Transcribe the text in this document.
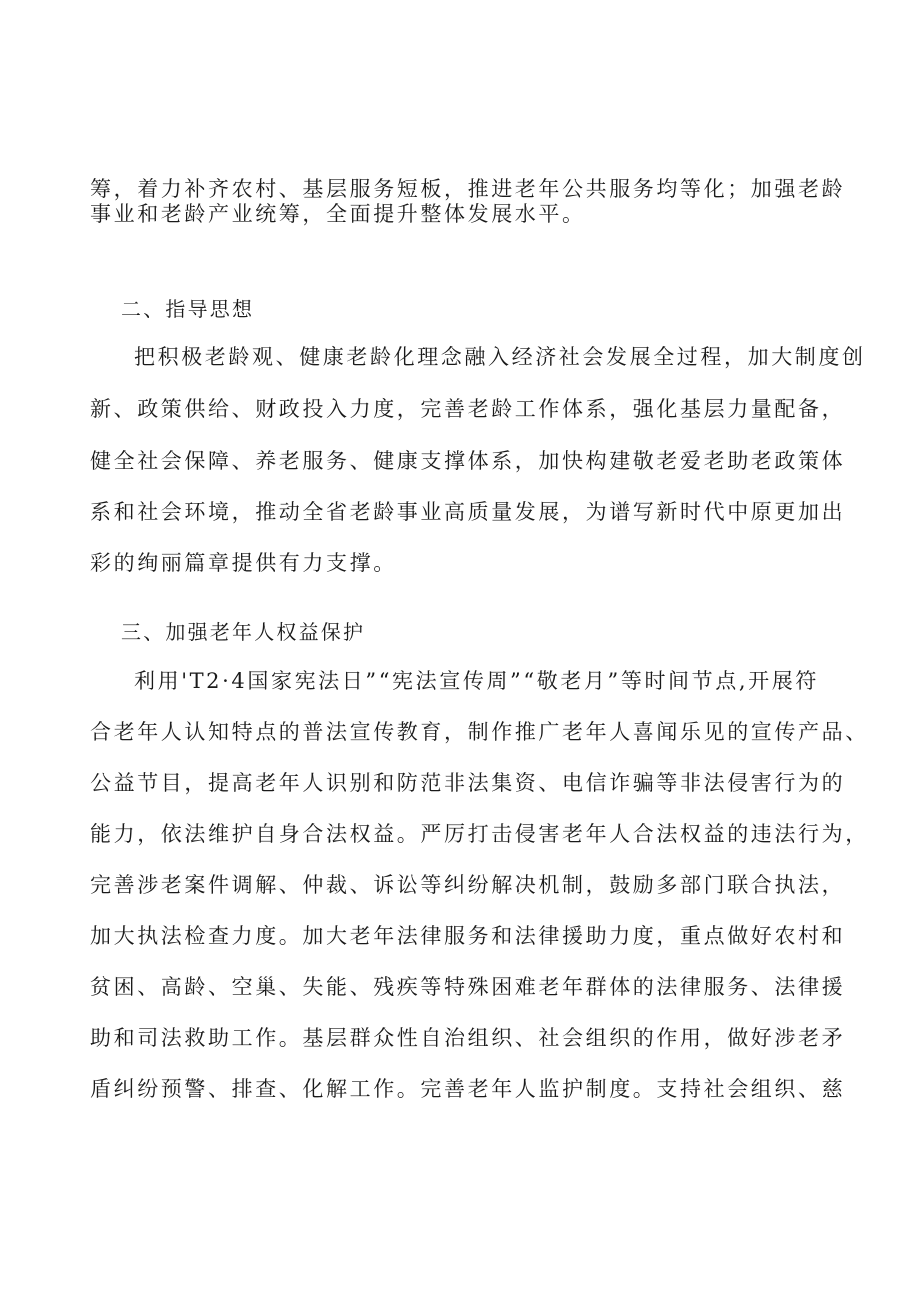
筹，着力补齐农村、基层服务短板，推进老年公共服务均等化；加强老龄
事业和老龄产业统筹，全面提升整体发展水平。
二、指导思想
把积极老龄观、健康老龄化理念融入经济社会发展全过程，加大制度创
新、政策供给、财政投入力度，完善老龄工作体系，强化基层力量配备，
健全社会保障、养老服务、健康支撑体系，加快构建敬老爱老助老政策体
系和社会环境，推动全省老龄事业高质量发展，为谱写新时代中原更加出
彩的绚丽篇章提供有力支撑。
三、加强老年人权益保护
利用'T2·4国家宪法日”“宪法宣传周”“敬老月”等时间节点,开展符
合老年人认知特点的普法宣传教育，制作推广老年人喜闻乐见的宣传产品、
公益节目，提高老年人识别和防范非法集资、电信诈骗等非法侵害行为的
能力，依法维护自身合法权益。严厉打击侵害老年人合法权益的违法行为，
完善涉老案件调解、仲裁、诉讼等纠纷解决机制，鼓励多部门联合执法，
加大执法检查力度。加大老年法律服务和法律援助力度，重点做好农村和
贫困、高龄、空巢、失能、残疾等特殊困难老年群体的法律服务、法律援
助和司法救助工作。基层群众性自治组织、社会组织的作用，做好涉老矛
盾纠纷预警、排查、化解工作。完善老年人监护制度。支持社会组织、慈
